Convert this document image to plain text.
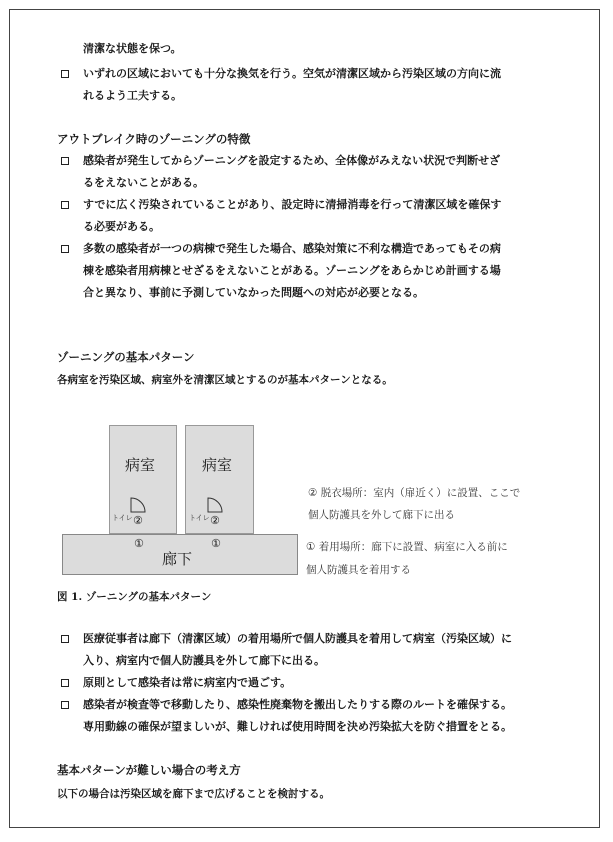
清潔な状態を保つ。
いずれの区域においても十分な換気を行う。空気が清潔区域から汚染区域の方向に流
れるよう工夫する。
アウトブレイク時のゾーニングの特徴
感染者が発生してからゾーニングを設定するため、全体像がみえない状況で判断せざ
るをえないことがある。
すでに広く汚染されていることがあり、設定時に清掃消毒を行って清潔区域を確保す
る必要がある。
多数の感染者が一つの病棟で発生した場合、感染対策に不利な構造であってもその病
棟を感染者用病棟とせざるをえないことがある。ゾーニングをあらかじめ計画する場
合と異なり、事前に予測していなかった問題への対応が必要となる。
ゾーニングの基本パターン
各病室を汚染区域、病室外を清潔区域とするのが基本パターンとなる。
病室	病室
廊下
トイレ	トイレ
②	②
①	①
② 脱衣場所：室内（扉近く）に設置、ここで
個人防護具を外して廊下に出る
① 着用場所：廊下に設置、病室に入る前に
個人防護具を着用する
図 1. ゾーニングの基本パターン
医療従事者は廊下（清潔区域）の着用場所で個人防護具を着用して病室（汚染区域）に
入り、病室内で個人防護具を外して廊下に出る。
原則として感染者は常に病室内で過ごす。
感染者が検査等で移動したり、感染性廃棄物を搬出したりする際のルートを確保する。
専用動線の確保が望ましいが、難しければ使用時間を決め汚染拡大を防ぐ措置をとる。
基本パターンが難しい場合の考え方
以下の場合は汚染区域を廊下まで広げることを検討する。
